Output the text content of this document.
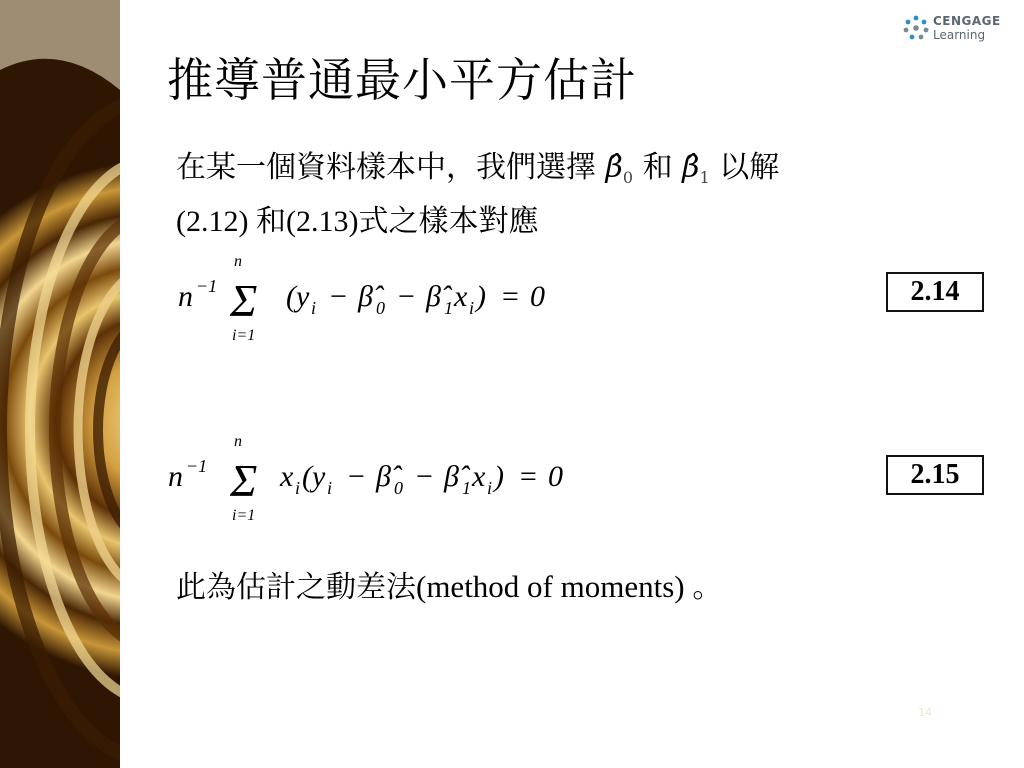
CENGAGE
Learning
推導普通最小平方估計
在某一個資料樣本中，我們選擇 $\betâ_0$ 和 $\betâ_1$ 以解
(2.12) 和(2.13)式之樣本對應
n −1
n
Σ
i=1
( y i − β̂ 0 − β̂ 1 x i ) = 0	2.14
n −1
n
Σ
i=1
x i ( y i − β̂ 0 − β̂ 1 x i ) = 0	2.15
此為估計之動差法(method of moments) 。
14
